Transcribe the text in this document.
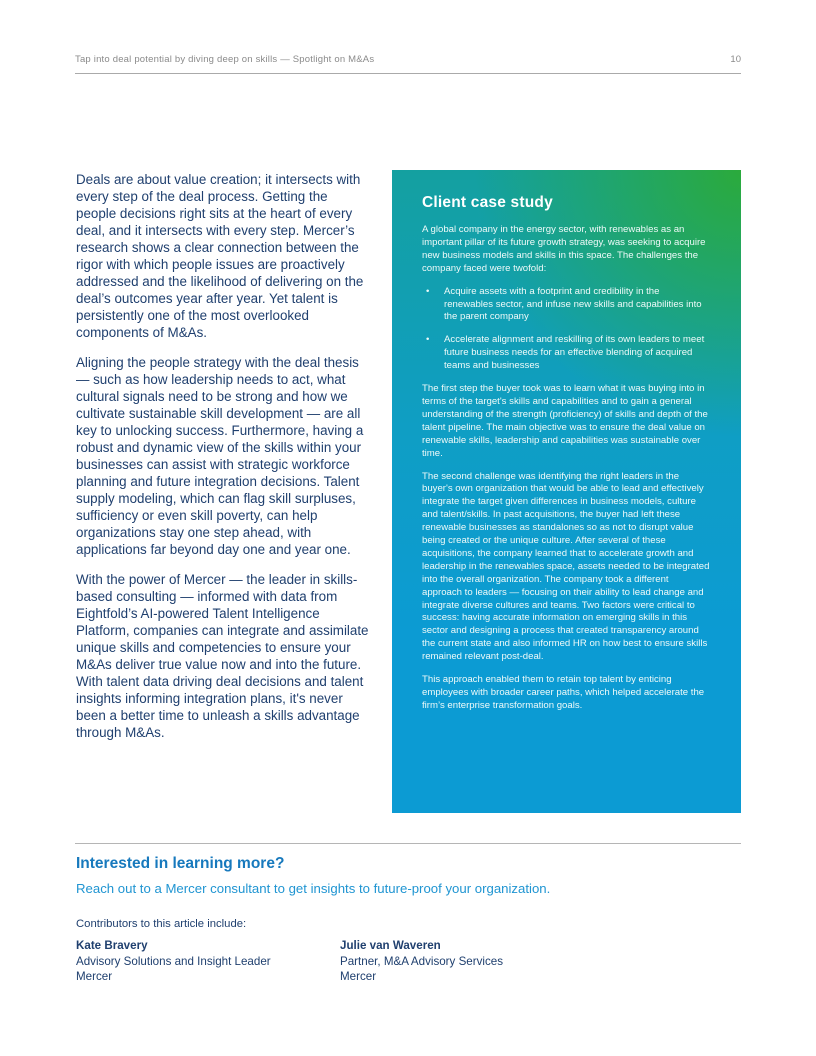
Tap into deal potential by diving deep on skills — Spotlight on M&As	10

Deals are about value creation; it intersects with every step of the deal process. Getting the people decisions right sits at the heart of every deal, and it intersects with every step. Mercer’s research shows a clear connection between the rigor with which people issues are proactively addressed and the likelihood of delivering on the deal’s outcomes year after year. Yet talent is persistently one of the most overlooked components of M&As.

Aligning the people strategy with the deal thesis — such as how leadership needs to act, what cultural signals need to be strong and how we cultivate sustainable skill development — are all key to unlocking success. Furthermore, having a robust and dynamic view of the skills within your businesses can assist with strategic workforce planning and future integration decisions. Talent supply modeling, which can flag skill surpluses, sufficiency or even skill poverty, can help organizations stay one step ahead, with applications far beyond day one and year one.

With the power of Mercer — the leader in skills-based consulting — informed with data from Eightfold’s AI-powered Talent Intelligence Platform, companies can integrate and assimilate unique skills and competencies to ensure your M&As deliver true value now and into the future. With talent data driving deal decisions and talent insights informing integration plans, it's never been a better time to unleash a skills advantage through M&As.

Client case study

A global company in the energy sector, with renewables as an important pillar of its future growth strategy, was seeking to acquire new business models and skills in this space. The challenges the company faced were twofold:

•	Acquire assets with a footprint and credibility in the renewables sector, and infuse new skills and capabilities into the parent company
•	Accelerate alignment and reskilling of its own leaders to meet future business needs for an effective blending of acquired teams and businesses

The first step the buyer took was to learn what it was buying into in terms of the target's skills and capabilities and to gain a general understanding of the strength (proficiency) of skills and depth of the talent pipeline. The main objective was to ensure the deal value on renewable skills, leadership and capabilities was sustainable over time.

The second challenge was identifying the right leaders in the buyer's own organization that would be able to lead and effectively integrate the target given differences in business models, culture and talent/skills. In past acquisitions, the buyer had left these renewable businesses as standalones so as not to disrupt value being created or the unique culture. After several of these acquisitions, the company learned that to accelerate growth and leadership in the renewables space, assets needed to be integrated into the overall organization. The company took a different approach to leaders — focusing on their ability to lead change and integrate diverse cultures and teams. Two factors were critical to success: having accurate information on emerging skills in this sector and designing a process that created transparency around the current state and also informed HR on how best to ensure skills remained relevant post-deal.

This approach enabled them to retain top talent by enticing employees with broader career paths, which helped accelerate the firm’s enterprise transformation goals.

Interested in learning more?
Reach out to a Mercer consultant to get insights to future-proof your organization.
Contributors to this article include:
Kate Bravery
Advisory Solutions and Insight Leader
Mercer
Julie van Waveren
Partner, M&A Advisory Services
Mercer
